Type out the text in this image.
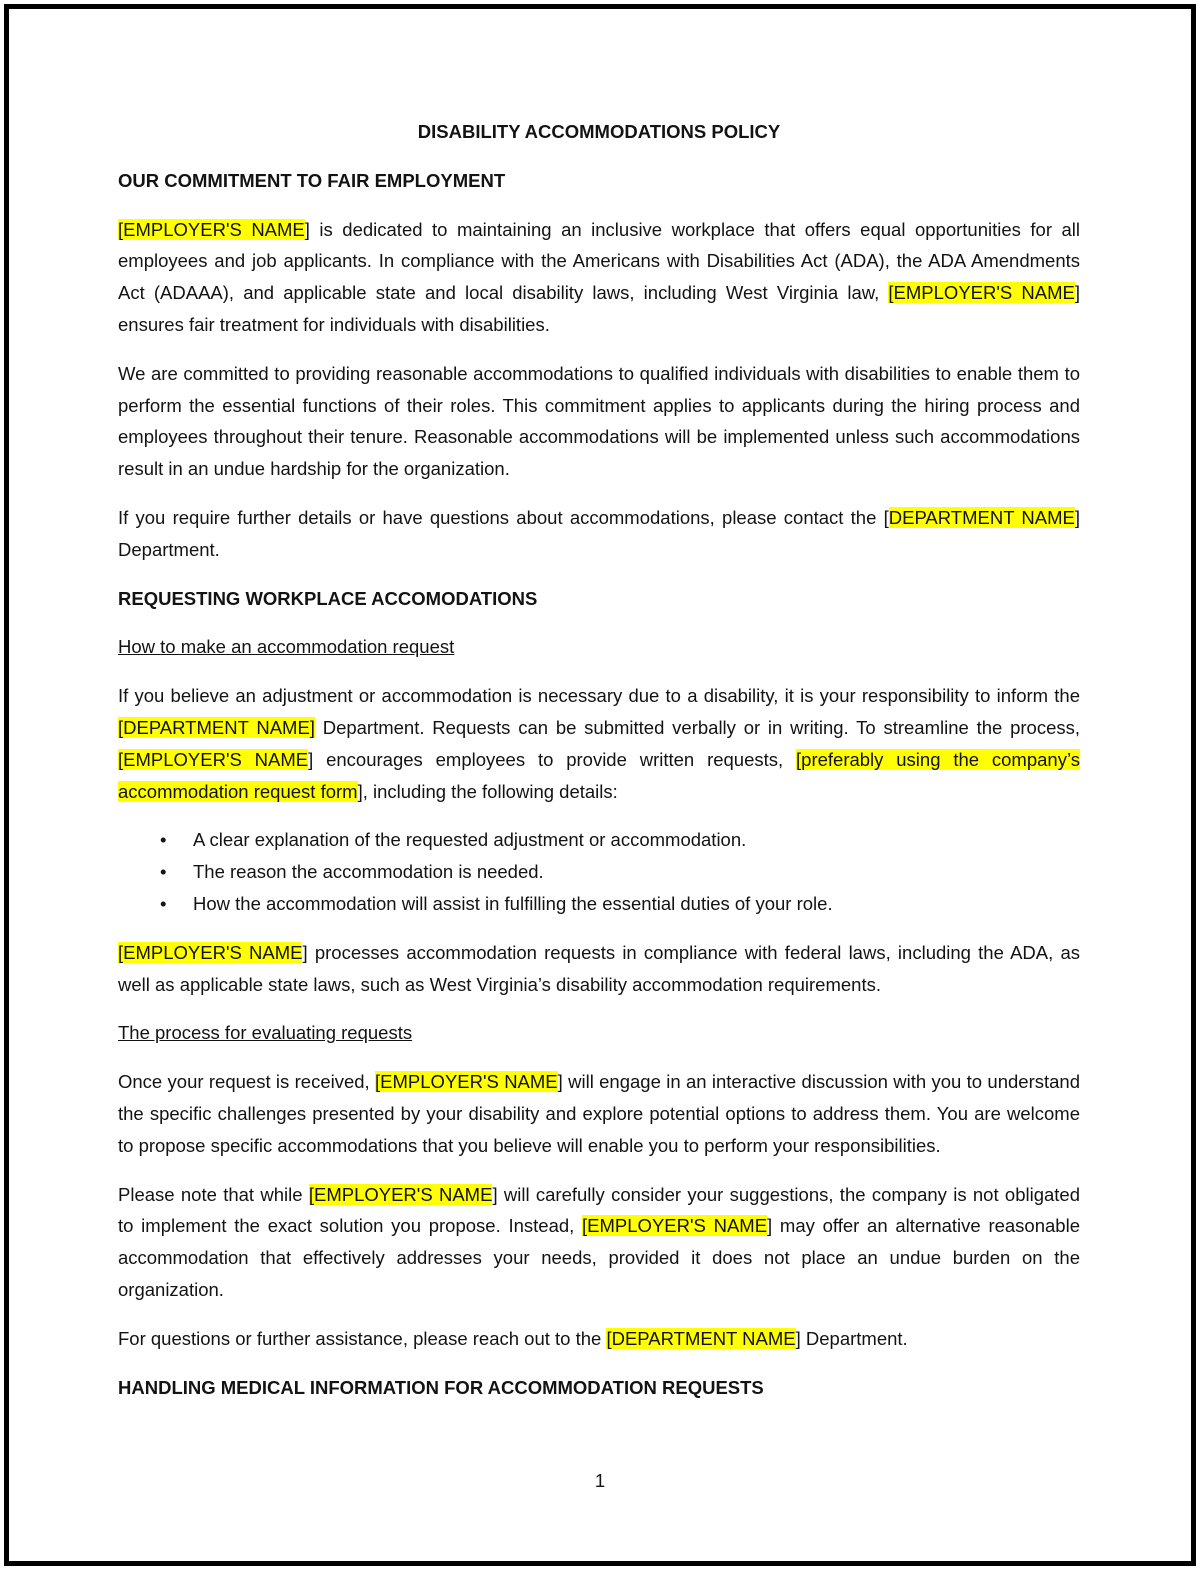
DISABILITY ACCOMMODATIONS POLICY
OUR COMMITMENT TO FAIR EMPLOYMENT

[EMPLOYER'S NAME] is dedicated to maintaining an inclusive workplace that offers equal opportunities for all employees and job applicants. In compliance with the Americans with Disabilities Act (ADA), the ADA Amendments Act (ADAAA), and applicable state and local disability laws, including West Virginia law, [EMPLOYER'S NAME] ensures fair treatment for individuals with disabilities.

We are committed to providing reasonable accommodations to qualified individuals with disabilities to enable them to perform the essential functions of their roles. This commitment applies to applicants during the hiring process and employees throughout their tenure. Reasonable accommodations will be implemented unless such accommodations result in an undue hardship for the organization.

If you require further details or have questions about accommodations, please contact the [DEPARTMENT NAME] Department.

REQUESTING WORKPLACE ACCOMODATIONS
How to make an accommodation request

If you believe an adjustment or accommodation is necessary due to a disability, it is your responsibility to inform the [DEPARTMENT NAME] Department. Requests can be submitted verbally or in writing. To streamline the process, [EMPLOYER'S NAME] encourages employees to provide written requests, [preferably using the company’s accommodation request form], including the following details:

• A clear explanation of the requested adjustment or accommodation.
• The reason the accommodation is needed.
• How the accommodation will assist in fulfilling the essential duties of your role.

[EMPLOYER'S NAME] processes accommodation requests in compliance with federal laws, including the ADA, as well as applicable state laws, such as West Virginia’s disability accommodation requirements.

The process for evaluating requests

Once your request is received, [EMPLOYER'S NAME] will engage in an interactive discussion with you to understand the specific challenges presented by your disability and explore potential options to address them. You are welcome to propose specific accommodations that you believe will enable you to perform your responsibilities.

Please note that while [EMPLOYER'S NAME] will carefully consider your suggestions, the company is not obligated to implement the exact solution you propose. Instead, [EMPLOYER'S NAME] may offer an alternative reasonable accommodation that effectively addresses your needs, provided it does not place an undue burden on the organization.

For questions or further assistance, please reach out to the [DEPARTMENT NAME] Department.

HANDLING MEDICAL INFORMATION FOR ACCOMMODATION REQUESTS
1
